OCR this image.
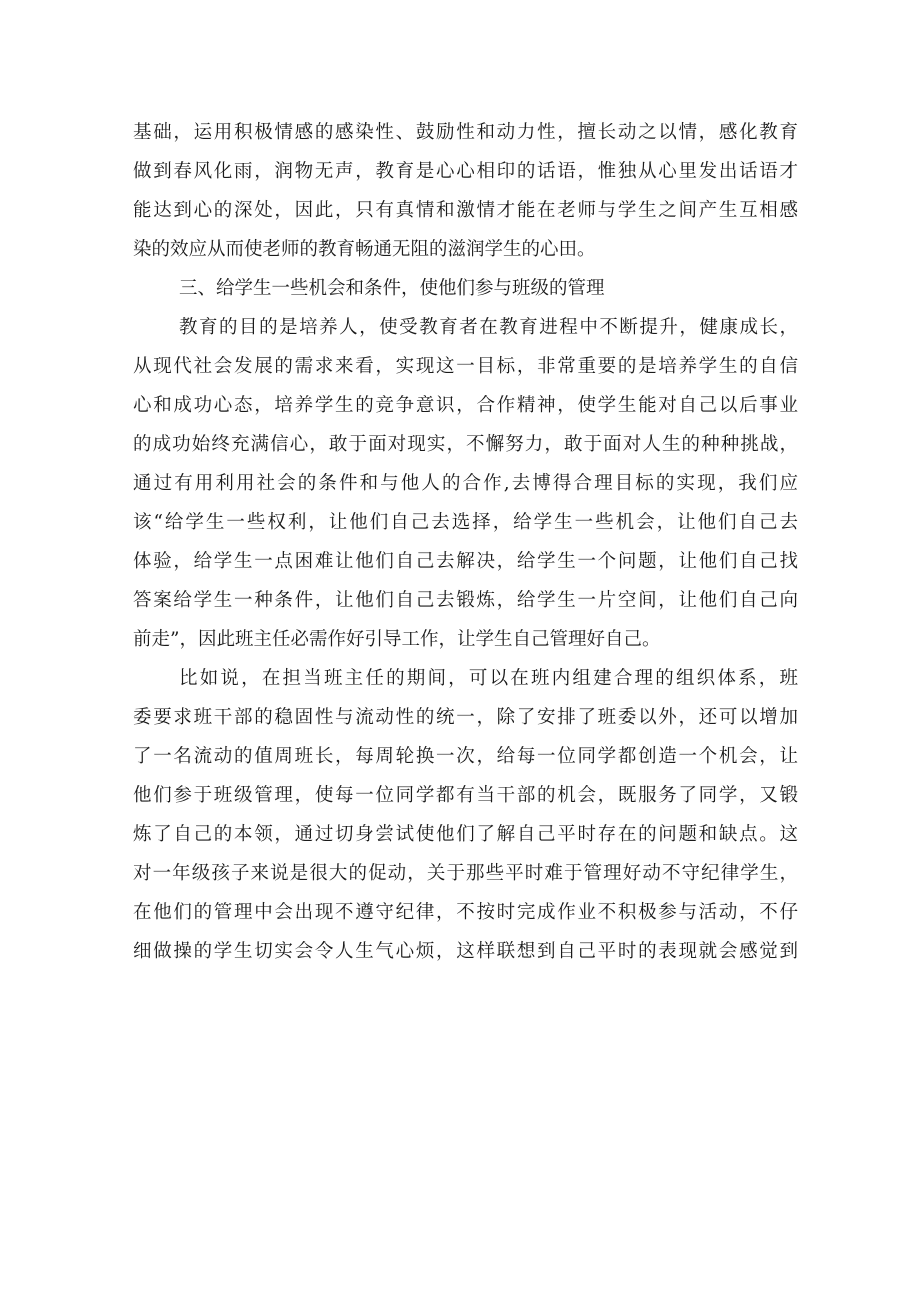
基础，运用积极情感的感染性、鼓励性和动力性，擅长动之以情，感化教育
做到春风化雨，润物无声，教育是心心相印的话语，惟独从心里发出话语才
能达到心的深处，因此，只有真情和激情才能在老师与学生之间产生互相感
染的效应从而使老师的教育畅通无阻的滋润学生的心田。
三、给学生一些机会和条件，使他们参与班级的管理
教育的目的是培养人，使受教育者在教育进程中不断提升，健康成长，
从现代社会发展的需求来看，实现这一目标，非常重要的是培养学生的自信
心和成功心态，培养学生的竞争意识，合作精神，使学生能对自己以后事业
的成功始终充满信心，敢于面对现实，不懈努力，敢于面对人生的种种挑战，
通过有用利用社会的条件和与他人的合作,去博得合理目标的实现，我们应
该“给学生一些权利，让他们自己去选择，给学生一些机会，让他们自己去
体验，给学生一点困难让他们自己去解决，给学生一个问题，让他们自己找
答案给学生一种条件，让他们自己去锻炼，给学生一片空间，让他们自己向
前走”，因此班主任必需作好引导工作，让学生自己管理好自己。
比如说，在担当班主任的期间，可以在班内组建合理的组织体系，班
委要求班干部的稳固性与流动性的统一，除了安排了班委以外，还可以增加
了一名流动的值周班长，每周轮换一次，给每一位同学都创造一个机会，让
他们参于班级管理，使每一位同学都有当干部的机会，既服务了同学，又锻
炼了自己的本领，通过切身尝试使他们了解自己平时存在的问题和缺点。这
对一年级孩子来说是很大的促动，关于那些平时难于管理好动不守纪律学生，
在他们的管理中会出现不遵守纪律，不按时完成作业不积极参与活动，不仔
细做操的学生切实会令人生气心烦，这样联想到自己平时的表现就会感觉到
